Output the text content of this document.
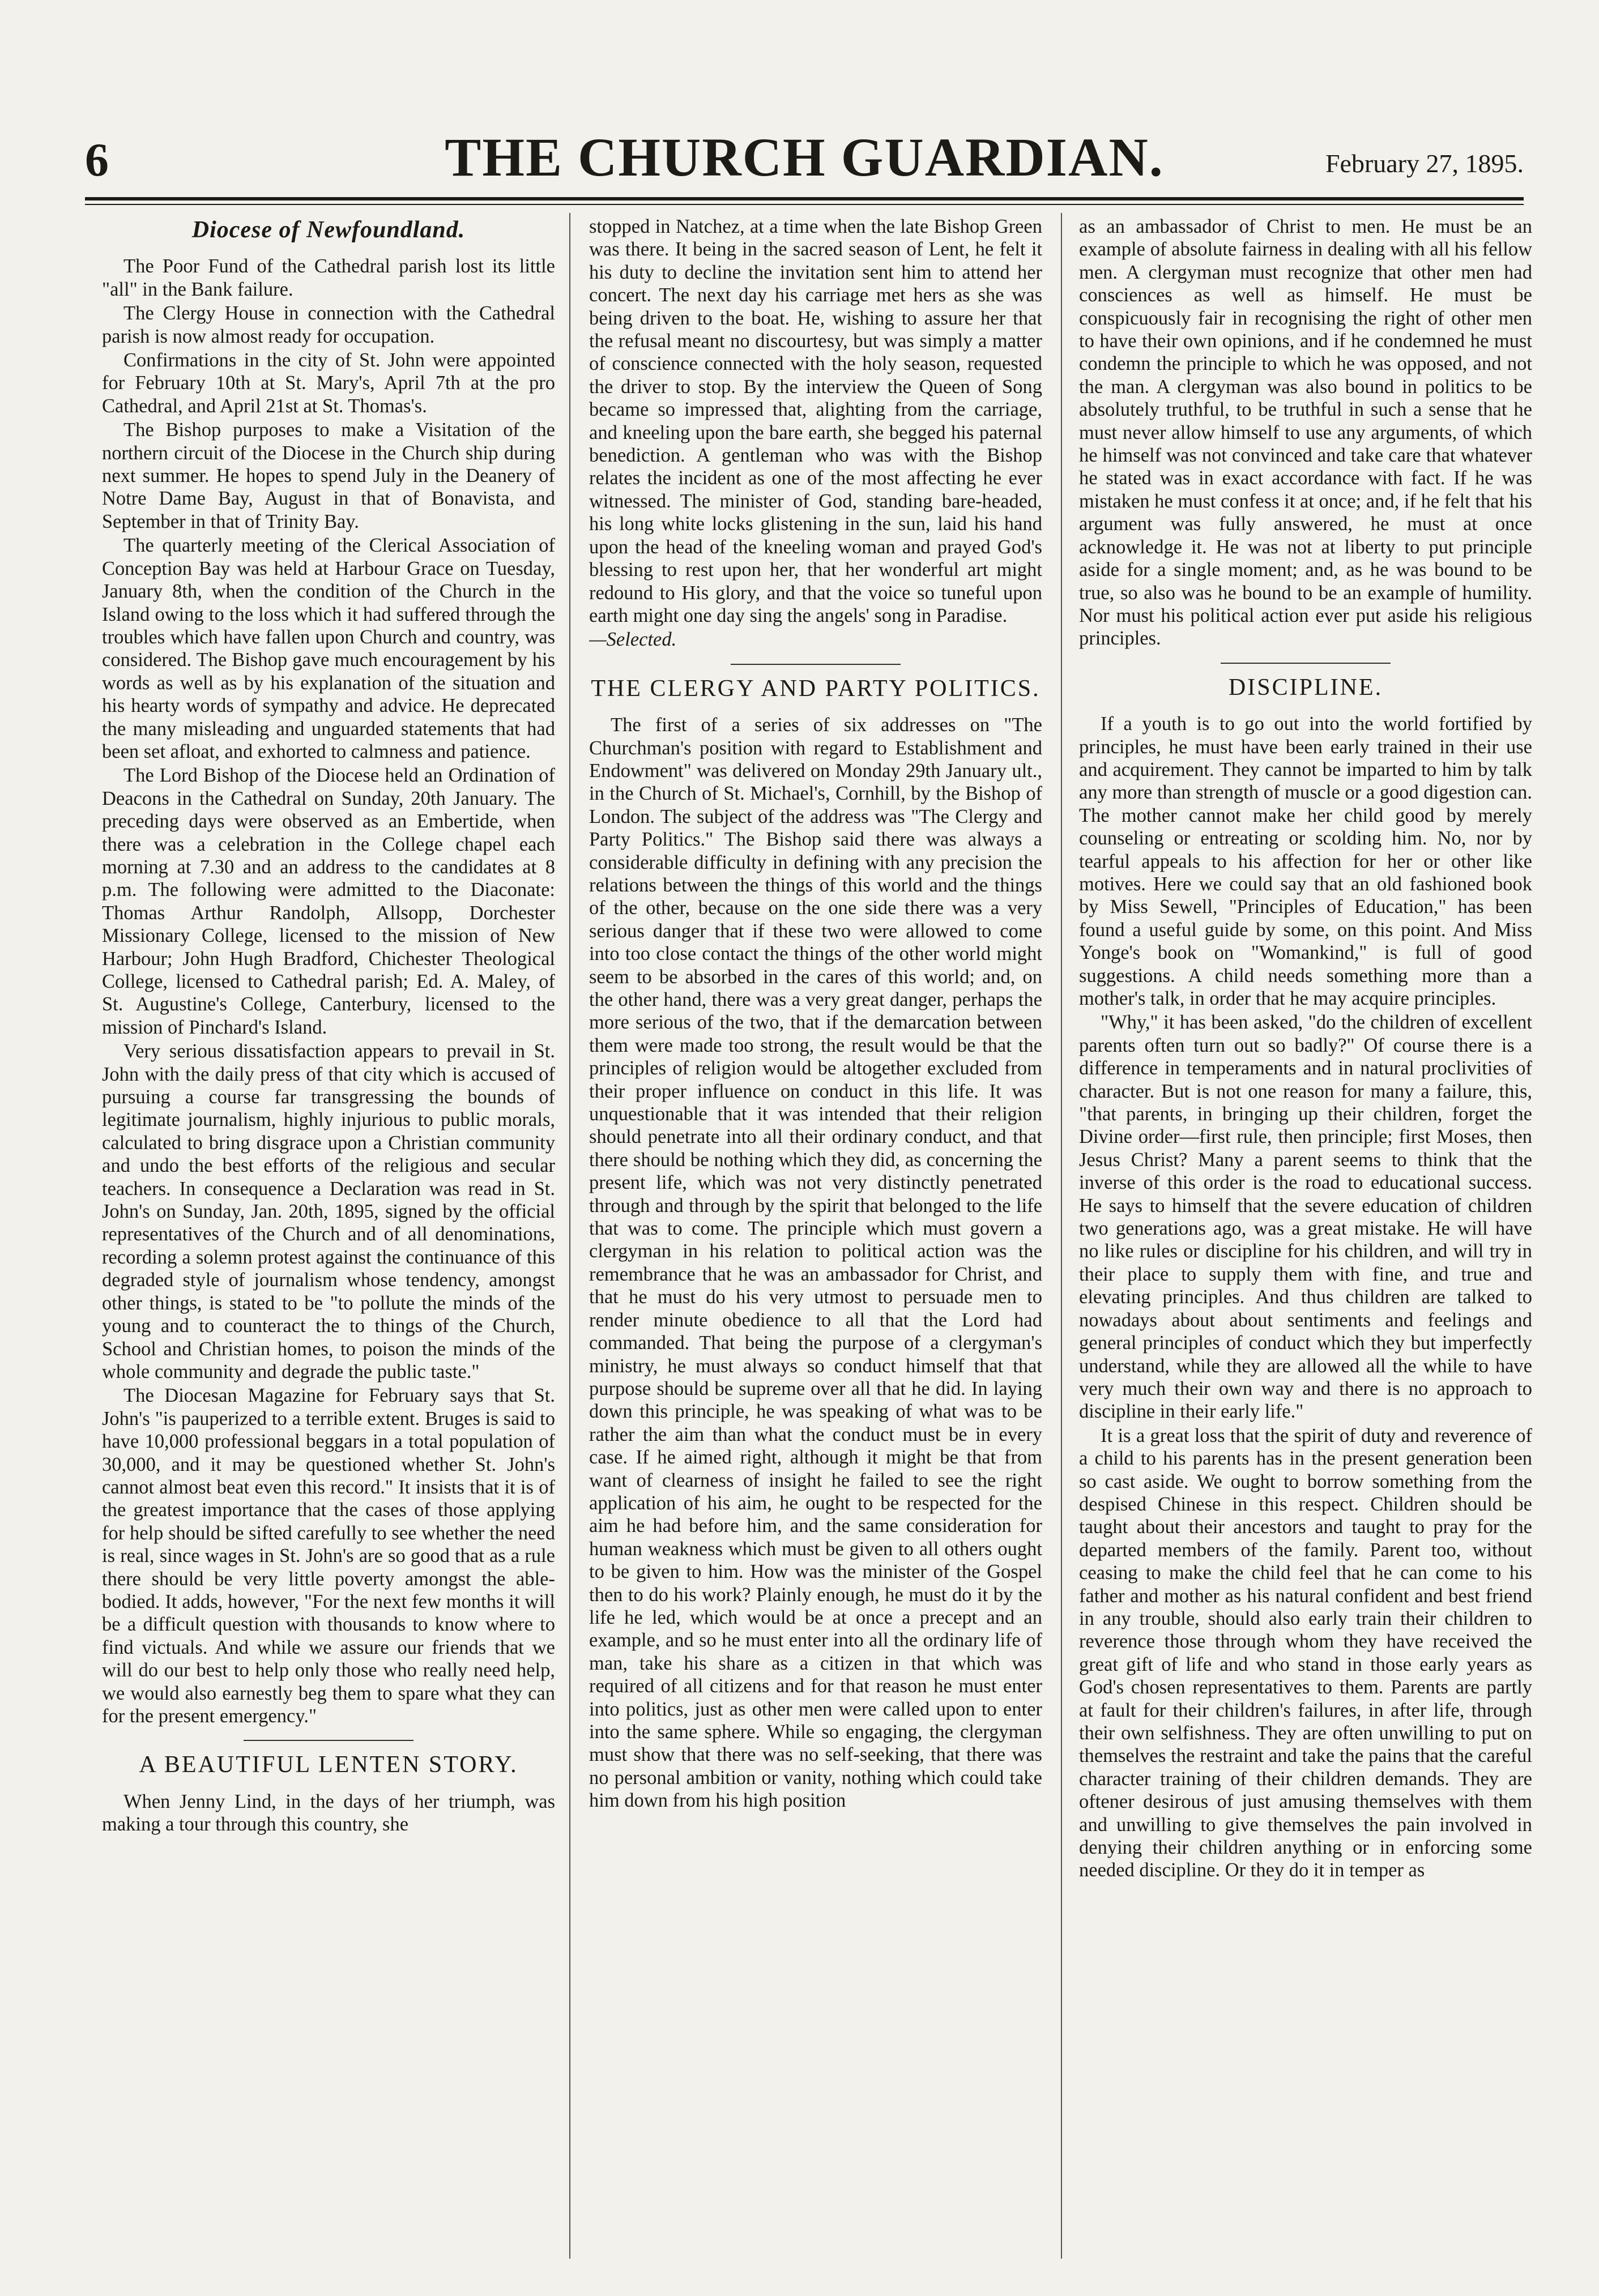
6	THE CHURCH GUARDIAN.	February 27, 1895.
Diocese of Newfoundland.

The Poor Fund of the Cathedral parish lost its little "all" in the Bank failure.

The Clergy House in connection with the Cathedral parish is now almost ready for occupation.

Confirmations in the city of St. John were appointed for February 10th at St. Mary's, April 7th at the pro Cathedral, and April 21st at St. Thomas's.

The Bishop purposes to make a Visitation of the northern circuit of the Diocese in the Church ship during next summer. He hopes to spend July in the Deanery of Notre Dame Bay, August in that of Bonavista, and September in that of Trinity Bay.

The quarterly meeting of the Clerical Association of Conception Bay was held at Harbour Grace on Tuesday, January 8th, when the condition of the Church in the Island owing to the loss which it had suffered through the troubles which have fallen upon Church and country, was considered. The Bishop gave much encouragement by his words as well as by his explanation of the situation and his hearty words of sympathy and advice. He deprecated the many misleading and unguarded statements that had been set afloat, and exhorted to calmness and patience.

The Lord Bishop of the Diocese held an Ordination of Deacons in the Cathedral on Sunday, 20th January. The preceding days were observed as an Embertide, when there was a celebration in the College chapel each morning at 7.30 and an address to the candidates at 8 p.m. The following were admitted to the Diaconate: Thomas Arthur Randolph, Allsopp, Dorchester Missionary College, licensed to the mission of New Harbour; John Hugh Bradford, Chichester Theological College, licensed to Cathedral parish; Ed. A. Maley, of St. Augustine's College, Canterbury, licensed to the mission of Pinchard's Island.

Very serious dissatisfaction appears to prevail in St. John with the daily press of that city which is accused of pursuing a course far transgressing the bounds of legitimate journalism, highly injurious to public morals, calculated to bring disgrace upon a Christian community and undo the best efforts of the religious and secular teachers. In consequence a Declaration was read in St. John's on Sunday, Jan. 20th, 1895, signed by the official representatives of the Church and of all denominations, recording a solemn protest against the continuance of this degraded style of journalism whose tendency, amongst other things, is stated to be "to pollute the minds of the young and to counteract the to things of the Church, School and Christian homes, to poison the minds of the whole community and degrade the public taste."

The Diocesan Magazine for February says that St. John's "is pauperized to a terrible extent. Bruges is said to have 10,000 professional beggars in a total population of 30,000, and it may be questioned whether St. John's cannot almost beat even this record." It insists that it is of the greatest importance that the cases of those applying for help should be sifted carefully to see whether the need is real, since wages in St. John's are so good that as a rule there should be very little poverty amongst the able-bodied. It adds, however, "For the next few months it will be a difficult question with thousands to know where to find victuals. And while we assure our friends that we will do our best to help only those who really need help, we would also earnestly beg them to spare what they can for the present emergency."

A BEAUTIFUL LENTEN STORY.

When Jenny Lind, in the days of her triumph, was making a tour through this country, she

stopped in Natchez, at a time when the late Bishop Green was there. It being in the sacred season of Lent, he felt it his duty to decline the invitation sent him to attend her concert. The next day his carriage met hers as she was being driven to the boat. He, wishing to assure her that the refusal meant no discourtesy, but was simply a matter of conscience connected with the holy season, requested the driver to stop. By the interview the Queen of Song became so impressed that, alighting from the carriage, and kneeling upon the bare earth, she begged his paternal benediction. A gentleman who was with the Bishop relates the incident as one of the most affecting he ever witnessed. The minister of God, standing bare-headed, his long white locks glistening in the sun, laid his hand upon the head of the kneeling woman and prayed God's blessing to rest upon her, that her wonderful art might redound to His glory, and that the voice so tuneful upon earth might one day sing the angels' song in Paradise.

—Selected.

THE CLERGY AND PARTY POLITICS.

The first of a series of six addresses on "The Churchman's position with regard to Establishment and Endowment" was delivered on Monday 29th January ult., in the Church of St. Michael's, Cornhill, by the Bishop of London. The subject of the address was "The Clergy and Party Politics." The Bishop said there was always a considerable difficulty in defining with any precision the relations between the things of this world and the things of the other, because on the one side there was a very serious danger that if these two were allowed to come into too close contact the things of the other world might seem to be absorbed in the cares of this world; and, on the other hand, there was a very great danger, perhaps the more serious of the two, that if the demarcation between them were made too strong, the result would be that the principles of religion would be altogether excluded from their proper influence on conduct in this life. It was unquestionable that it was intended that their religion should penetrate into all their ordinary conduct, and that there should be nothing which they did, as concerning the present life, which was not very distinctly penetrated through and through by the spirit that belonged to the life that was to come. The principle which must govern a clergyman in his relation to political action was the remembrance that he was an ambassador for Christ, and that he must do his very utmost to persuade men to render minute obedience to all that the Lord had commanded. That being the purpose of a clergyman's ministry, he must always so conduct himself that that purpose should be supreme over all that he did. In laying down this principle, he was speaking of what was to be rather the aim than what the conduct must be in every case. If he aimed right, although it might be that from want of clearness of insight he failed to see the right application of his aim, he ought to be respected for the aim he had before him, and the same consideration for human weakness which must be given to all others ought to be given to him. How was the minister of the Gospel then to do his work? Plainly enough, he must do it by the life he led, which would be at once a precept and an example, and so he must enter into all the ordinary life of man, take his share as a citizen in that which was required of all citizens and for that reason he must enter into politics, just as other men were called upon to enter into the same sphere. While so engaging, the clergyman must show that there was no self-seeking, that there was no personal ambition or vanity, nothing which could take him down from his high position

as an ambassador of Christ to men. He must be an example of absolute fairness in dealing with all his fellow men. A clergyman must recognize that other men had consciences as well as himself. He must be conspicuously fair in recognising the right of other men to have their own opinions, and if he condemned he must condemn the principle to which he was opposed, and not the man. A clergyman was also bound in politics to be absolutely truthful, to be truthful in such a sense that he must never allow himself to use any arguments, of which he himself was not convinced and take care that whatever he stated was in exact accordance with fact. If he was mistaken he must confess it at once; and, if he felt that his argument was fully answered, he must at once acknowledge it. He was not at liberty to put principle aside for a single moment; and, as he was bound to be true, so also was he bound to be an example of humility. Nor must his political action ever put aside his religious principles.

DISCIPLINE.

If a youth is to go out into the world fortified by principles, he must have been early trained in their use and acquirement. They cannot be imparted to him by talk any more than strength of muscle or a good digestion can. The mother cannot make her child good by merely counseling or entreating or scolding him. No, nor by tearful appeals to his affection for her or other like motives. Here we could say that an old fashioned book by Miss Sewell, "Principles of Education," has been found a useful guide by some, on this point. And Miss Yonge's book on "Womankind," is full of good suggestions. A child needs something more than a mother's talk, in order that he may acquire principles.

"Why," it has been asked, "do the children of excellent parents often turn out so badly?" Of course there is a difference in temperaments and in natural proclivities of character. But is not one reason for many a failure, this, "that parents, in bringing up their children, forget the Divine order—first rule, then principle; first Moses, then Jesus Christ? Many a parent seems to think that the inverse of this order is the road to educational success. He says to himself that the severe education of children two generations ago, was a great mistake. He will have no like rules or discipline for his children, and will try in their place to supply them with fine, and true and elevating principles. And thus children are talked to nowadays about about sentiments and feelings and general principles of conduct which they but imperfectly understand, while they are allowed all the while to have very much their own way and there is no approach to discipline in their early life."

It is a great loss that the spirit of duty and reverence of a child to his parents has in the present generation been so cast aside. We ought to borrow something from the despised Chinese in this respect. Children should be taught about their ancestors and taught to pray for the departed members of the family. Parent too, without ceasing to make the child feel that he can come to his father and mother as his natural confident and best friend in any trouble, should also early train their children to reverence those through whom they have received the great gift of life and who stand in those early years as God's chosen representatives to them. Parents are partly at fault for their children's failures, in after life, through their own selfishness. They are often unwilling to put on themselves the restraint and take the pains that the careful character training of their children demands. They are oftener desirous of just amusing themselves with them and unwilling to give themselves the pain involved in denying their children anything or in enforcing some needed discipline. Or they do it in temper as
